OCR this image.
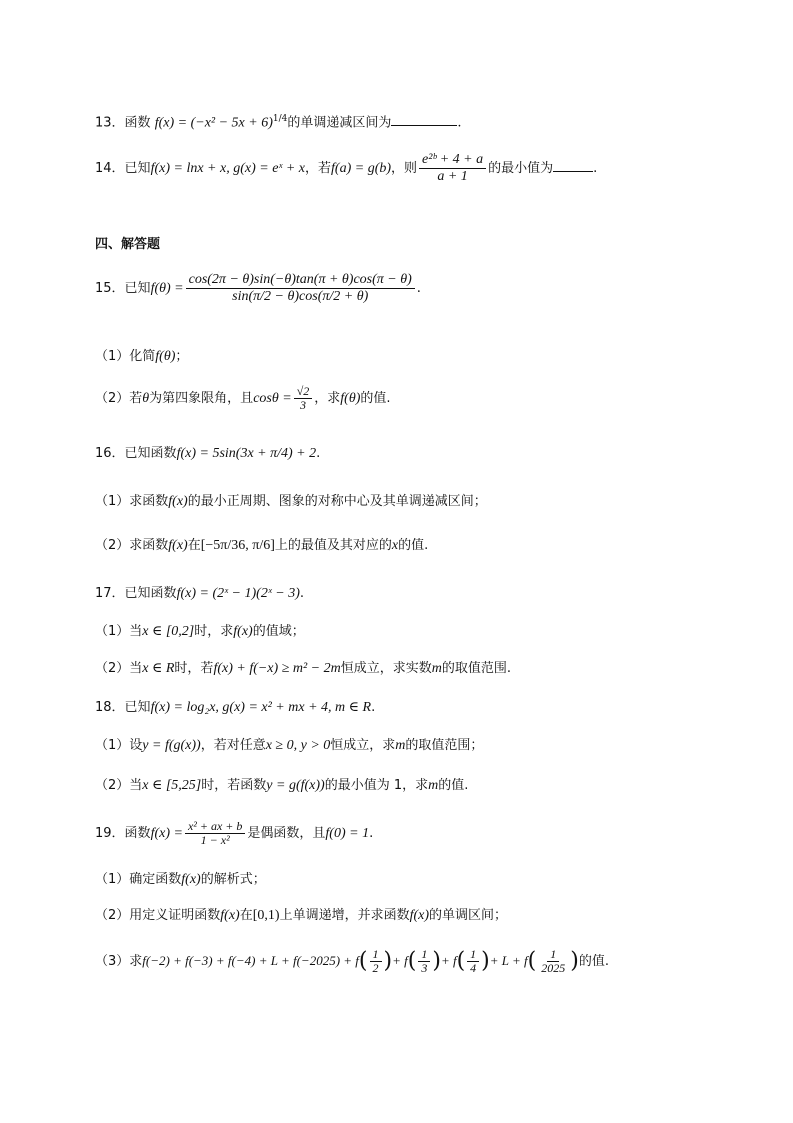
13．函数 $f(x) = (-x^2 - 5x + 6)^{1/4}$的单调递减区间为	.
14．已知f(x) = lnx + x, g(x) = eˣ + x，若f(a) = g(b)，则 $\frac{\text{e²ᵇ + 4 + a}}{a + 1}$ 的最小值为	.
四、解答题
15．已知$f(\theta) = \frac{\cos(2\pi - \theta)\sin(-\theta)\tan(\pi + \theta)\cos(\pi - \theta)}{\sin(\pi/2 - \theta)\cos(\pi/2 + \theta)}$ .
（1）化简f(θ)；
（2）若θ为第四象限角，且$\cos\theta = \frac{√2}{3}$ ，求f(θ)的值.
16．已知函数f(x) = 5sin(3x + π/4) + 2.
（1）求函数f(x)的最小正周期、图象的对称中心及其单调递减区间；
（2）求函数f(x)在[−5π/36, π/6]上的最值及其对应的x的值.
17．已知函数f(x) = (2ˣ − 1)(2ˣ − 3).
（1）当x ∈ [0,2]时，求f(x)的值域；
（2）当x ∈ R时，若f(x) + f(−x) ≥ m² − 2m恒成立，求实数m的取值范围.
18．已知f(x) = log₂x, g(x) = x² + mx + 4, m ∈ R.
（1）设y = f(g(x))，若对任意x ≥ 0, y > 0恒成立，求m的取值范围；
（2）当x ∈ [5,25]时，若函数y = g(f(x))的最小值为 1，求m的值.
19．函数$f(x) = \frac{\text{x² + ax + b}}{\text{1 − x²}}$ 是偶函数，且f(0) = 1.
（1）确定函数f(x)的解析式；
（2）用定义证明函数f(x)在[0,1)上单调递增，并求函数f(x)的单调区间；
（3）求$f(-2) + f(-3) + f(-4) + L + f(-2025) + f( \frac{1}{2}$ )+ $f( \frac{1}{3}$ )+ $f( \frac{1}{4}$ )+ $L + f( \frac{1}{2025}$ )的值.
